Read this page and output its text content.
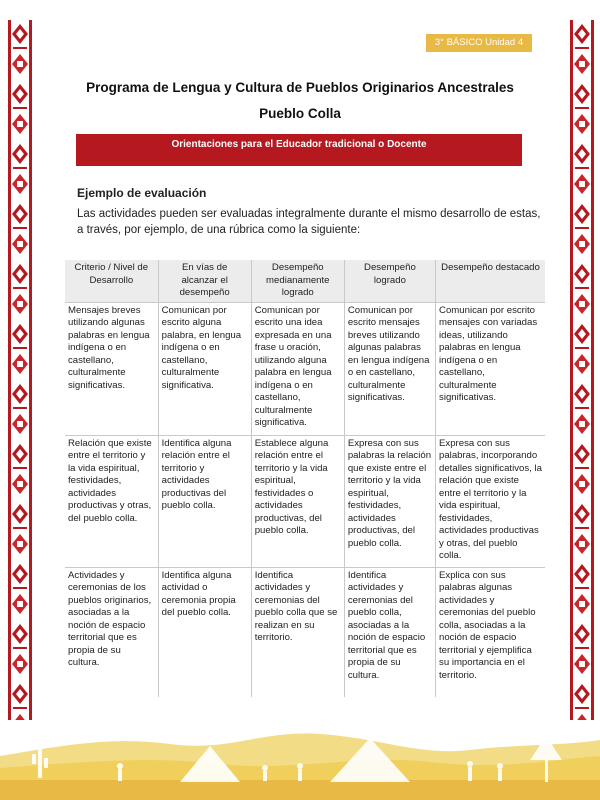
3° BÁSICO Unidad 4
Programa de Lengua y Cultura de Pueblos Originarios Ancestrales
Pueblo Colla
Orientaciones para el Educador tradicional o Docente
Ejemplo de evaluación
Las actividades pueden ser evaluadas integralmente durante el mismo desarrollo de estas, a través, por ejemplo, de una rúbrica como la siguiente:
Criterio / Nivel de Desarrollo	En vías de alcanzar el desempeño	Desempeño medianamente logrado	Desempeño logrado	Desempeño destacado
Mensajes breves utilizando algunas palabras en lengua indígena o en castellano, culturalmente significativas.	Comunican por escrito alguna palabra, en lengua indígena o en castellano, culturalmente significativa.	Comunican por escrito una idea expresada en una frase u oración, utilizando alguna palabra en lengua indígena o en castellano, culturalmente significativa.	Comunican por escrito mensajes breves utilizando algunas palabras en lengua indígena o en castellano, culturalmente significativas.	Comunican por escrito mensajes con variadas ideas, utilizando palabras en lengua indígena o en castellano, culturalmente significativas.
Relación que existe entre el territorio y la vida espiritual, festividades, actividades productivas y otras, del pueblo colla.	Identifica alguna relación entre el territorio y actividades productivas del pueblo colla.	Establece alguna relación entre el territorio y la vida espiritual, festividades o actividades productivas, del pueblo colla.	Expresa con sus palabras la relación que existe entre el territorio y la vida espiritual, festividades, actividades productivas, del pueblo colla.	Expresa con sus palabras, incorporando detalles significativos, la relación que existe entre el territorio y la vida espiritual, festividades, actividades productivas y otras, del pueblo colla.
Actividades y ceremonias de los pueblos originarios, asociadas a la noción de espacio territorial que es propia de su cultura.	Identifica alguna actividad o ceremonia propia del pueblo colla.	Identifica actividades y ceremonias del pueblo colla que se realizan en su territorio.	Identifica actividades y ceremonias del pueblo colla, asociadas a la noción de espacio territorial que es propia de su cultura.	Explica con sus palabras algunas actividades y ceremonias del pueblo colla, asociadas a la noción de espacio territorial y ejemplifica su importancia en el territorio.
